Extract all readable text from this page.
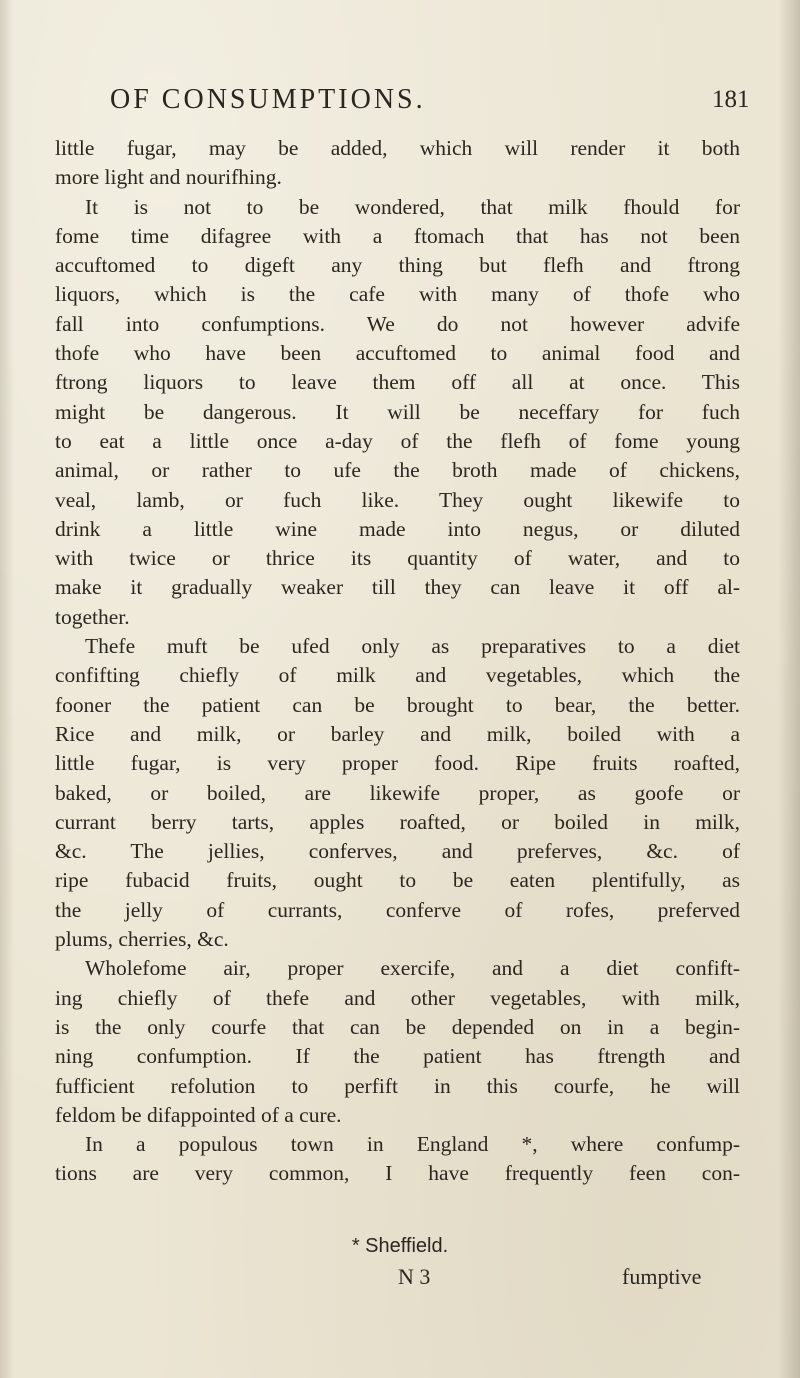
OF CONSUMPTIONS.	181
little fugar, may be added, which will render it both
more light and nourifhing.
It is not to be wondered, that milk fhould for
fome time difagree with a ftomach that has not been
accuftomed to digeft any thing but flefh and ftrong
liquors, which is the cafe with many of thofe who
fall into confumptions. We do not however advife
thofe who have been accuftomed to animal food and
ftrong liquors to leave them off all at once. This
might be dangerous. It will be neceffary for fuch
to eat a little once a-day of the flefh of fome young
animal, or rather to ufe the broth made of chickens,
veal, lamb, or fuch like. They ought likewife to
drink a little wine made into negus, or diluted
with twice or thrice its quantity of water, and to
make it gradually weaker till they can leave it off al-
together.
Thefe muft be ufed only as preparatives to a diet
confifting chiefly of milk and vegetables, which the
fooner the patient can be brought to bear, the better.
Rice and milk, or barley and milk, boiled with a
little fugar, is very proper food. Ripe fruits roafted,
baked, or boiled, are likewife proper, as goofe or
currant berry tarts, apples roafted, or boiled in milk,
&c. The jellies, conferves, and preferves, &c. of
ripe fubacid fruits, ought to be eaten plentifully, as
the jelly of currants, conferve of rofes, preferved
plums, cherries, &c.
Wholefome air, proper exercife, and a diet confift-
ing chiefly of thefe and other vegetables, with milk,
is the only courfe that can be depended on in a begin-
ning confumption. If the patient has ftrength and
fufficient refolution to perfift in this courfe, he will
feldom be difappointed of a cure.
In a populous town in England *, where confump-
tions are very common, I have frequently feen con-
* Sheffield.
N 3	fumptive
